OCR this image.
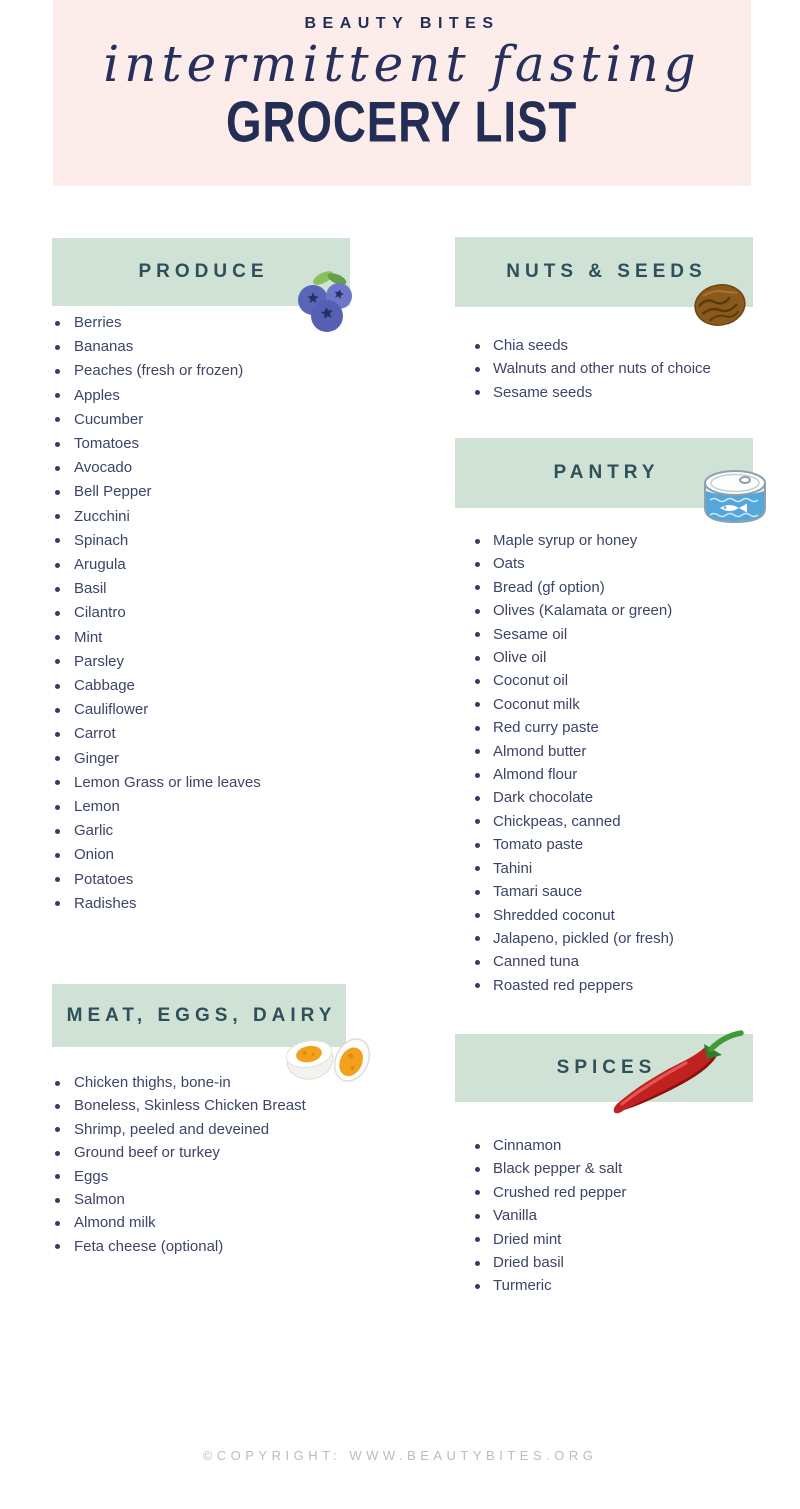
BEAUTY BITES
intermittent fasting
GROCERY LIST
PRODUCE
Berries
Bananas
Peaches (fresh or frozen)
Apples
Cucumber
Tomatoes
Avocado
Bell Pepper
Zucchini
Spinach
Arugula
Basil
Cilantro
Mint
Parsley
Cabbage
Cauliflower
Carrot
Ginger
Lemon Grass or lime leaves
Lemon
Garlic
Onion
Potatoes
Radishes
MEAT, EGGS, DAIRY
Chicken thighs, bone-in
Boneless, Skinless Chicken Breast
Shrimp, peeled and deveined
Ground beef or turkey
Eggs
Salmon
Almond milk
Feta cheese (optional)
NUTS & SEEDS
Chia seeds
Walnuts and other nuts of choice
Sesame seeds
PANTRY
Maple syrup or honey
Oats
Bread (gf option)
Olives (Kalamata or green)
Sesame oil
Olive oil
Coconut oil
Coconut milk
Red curry paste
Almond butter
Almond flour
Dark chocolate
Chickpeas, canned
Tomato paste
Tahini
Tamari sauce
Shredded coconut
Jalapeno, pickled (or fresh)
Canned tuna
Roasted red peppers
SPICES
Cinnamon
Black pepper & salt
Crushed red pepper
Vanilla
Dried mint
Dried basil
Turmeric
©COPYRIGHT: WWW.BEAUTYBITES.ORG
